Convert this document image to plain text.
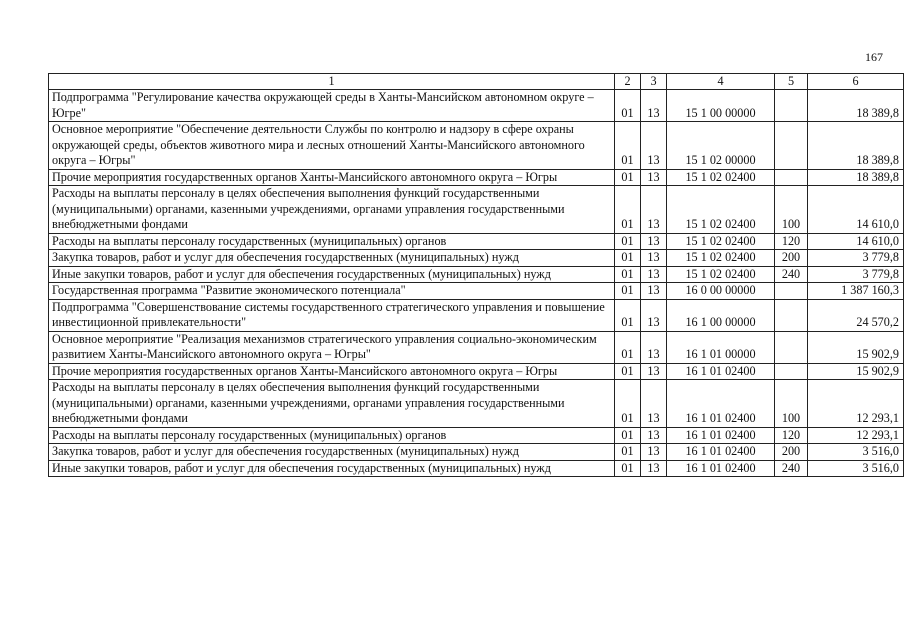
167
1	2	3	4	5	6
Подпрограмма "Регулирование качества окружающей среды в Ханты-Мансийском автономном округе – Югре"	01	13	15 1 00 00000		18 389,8
Основное мероприятие "Обеспечение деятельности Службы по контролю и надзору в сфере охраны окружающей среды, объектов животного мира и лесных отношений Ханты-Мансийского автономного округа – Югры"	01	13	15 1 02 00000		18 389,8
Прочие мероприятия государственных органов Ханты-Мансийского автономного округа – Югры	01	13	15 1 02 02400		18 389,8
Расходы на выплаты персоналу в целях обеспечения выполнения функций государственными (муниципальными) органами, казенными учреждениями, органами управления государственными внебюджетными фондами	01	13	15 1 02 02400	100	14 610,0
Расходы на выплаты персоналу государственных (муниципальных) органов	01	13	15 1 02 02400	120	14 610,0
Закупка товаров, работ и услуг для обеспечения государственных (муниципальных) нужд	01	13	15 1 02 02400	200	3 779,8
Иные закупки товаров, работ и услуг для обеспечения государственных (муниципальных) нужд	01	13	15 1 02 02400	240	3 779,8
Государственная программа "Развитие экономического потенциала"	01	13	16 0 00 00000		1 387 160,3
Подпрограмма "Совершенствование системы государственного стратегического управления и повышение инвестиционной привлекательности"	01	13	16 1 00 00000		24 570,2
Основное мероприятие "Реализация механизмов стратегического управления социально-экономическим развитием Ханты-Мансийского автономного округа – Югры"	01	13	16 1 01 00000		15 902,9
Прочие мероприятия государственных органов Ханты-Мансийского автономного округа – Югры	01	13	16 1 01 02400		15 902,9
Расходы на выплаты персоналу в целях обеспечения выполнения функций государственными (муниципальными) органами, казенными учреждениями, органами управления государственными внебюджетными фондами	01	13	16 1 01 02400	100	12 293,1
Расходы на выплаты персоналу государственных (муниципальных) органов	01	13	16 1 01 02400	120	12 293,1
Закупка товаров, работ и услуг для обеспечения государственных (муниципальных) нужд	01	13	16 1 01 02400	200	3 516,0
Иные закупки товаров, работ и услуг для обеспечения государственных (муниципальных) нужд	01	13	16 1 01 02400	240	3 516,0
